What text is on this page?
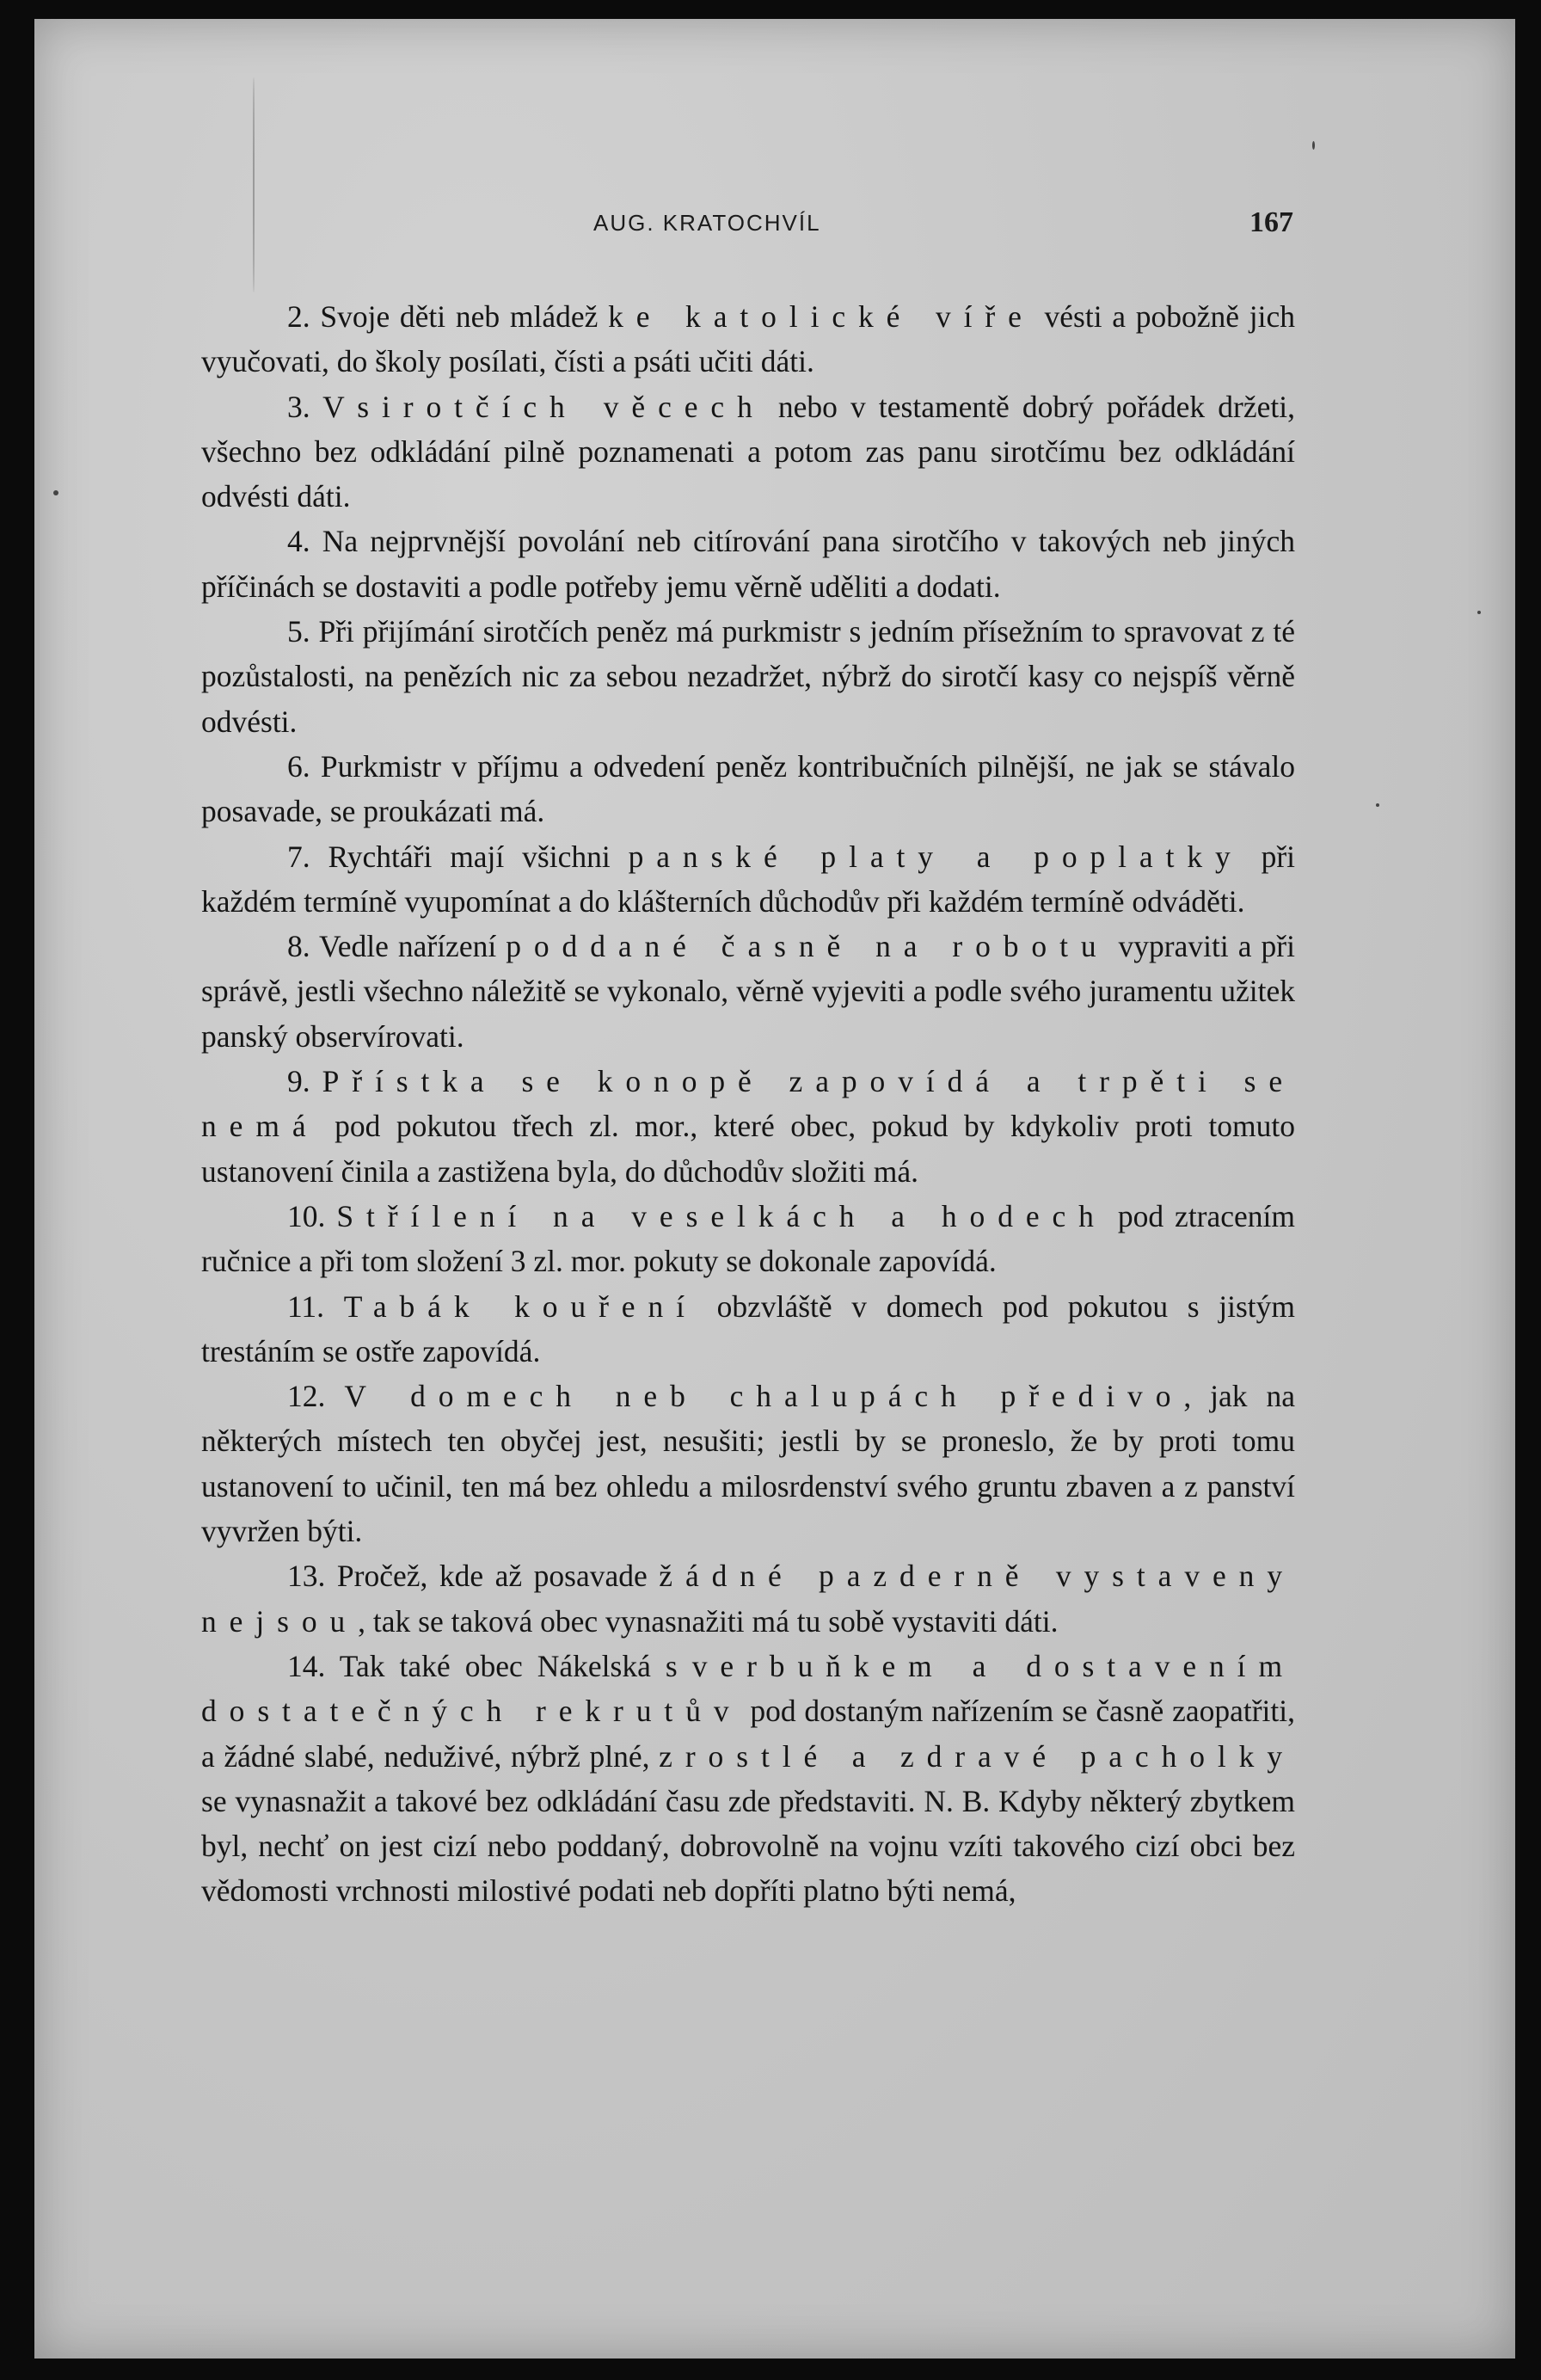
AUG. KRATOCHVÍL	167

2. Svoje děti neb mládež ke katolické víře vésti a pobožně jich vyučovati, do školy posílati, čísti a psáti učiti dáti.

3. V sirotčích věcech nebo v testamentě dobrý pořádek držeti, všechno bez odkládání pilně poznamenati a potom zas panu sirotčímu bez odkládání odvésti dáti.

4. Na nejprvnější povolání neb citírování pana sirotčího v takových neb jiných příčinách se dostaviti a podle potřeby jemu věrně uděliti a dodati.

5. Při přijímání sirotčích peněz má purkmistr s jedním přísežním to spravovat z té pozůstalosti, na penězích nic za sebou nezadržet, nýbrž do sirotčí kasy co nejspíš věrně odvésti.

6. Purkmistr v příjmu a odvedení peněz kontribučních pilnější, ne jak se stávalo posavade, se proukázati má.

7. Rychtáři mají všichni panské platy a poplatky při každém termíně vyupomínat a do klášterních důchodův při každém termíně odváděti.

8. Vedle nařízení poddané časně na robotu vypraviti a při správě, jestli všechno náležitě se vykonalo, věrně vyjeviti a podle svého juramentu užitek panský observírovati.

9. Přístka se konopě zapovídá a trpěti se nemá pod pokutou třech zl. mor., které obec, pokud by kdykoliv proti tomuto ustanovení činila a zastižena byla, do důchodův složiti má.

10. Střílení na veselkách a hodech pod ztracením ručnice a při tom složení 3 zl. mor. pokuty se dokonale zapovídá.

11. Tabák kouření obzvláště v domech pod pokutou s jistým trestáním se ostře zapovídá.

12. V domech neb chalupách předivo, jak na některých místech ten obyčej jest, nesušiti; jestli by se proneslo, že by proti tomu ustanovení to učinil, ten má bez ohledu a milosrdenství svého gruntu zbaven a z panství vyvržen býti.

13. Pročež, kde až posavade žádné pazderně vystaveny nejsou, tak se taková obec vynasnažiti má tu sobě vystaviti dáti.

14. Tak také obec Nákelská s verbuňkem a dostavením dostatečných rekrutův pod dostaným nařízením se časně zaopatřiti, a žádné slabé, neduživé, nýbrž plné, zrostlé a zdravé pacholky se vynasnažit a takové bez odkládání času zde představiti. N. B. Kdyby některý zbytkem byl, nechť on jest cizí nebo poddaný, dobrovolně na vojnu vzíti takového cizí obci bez vědomosti vrchnosti milostivé podati neb dopříti platno býti nemá,
